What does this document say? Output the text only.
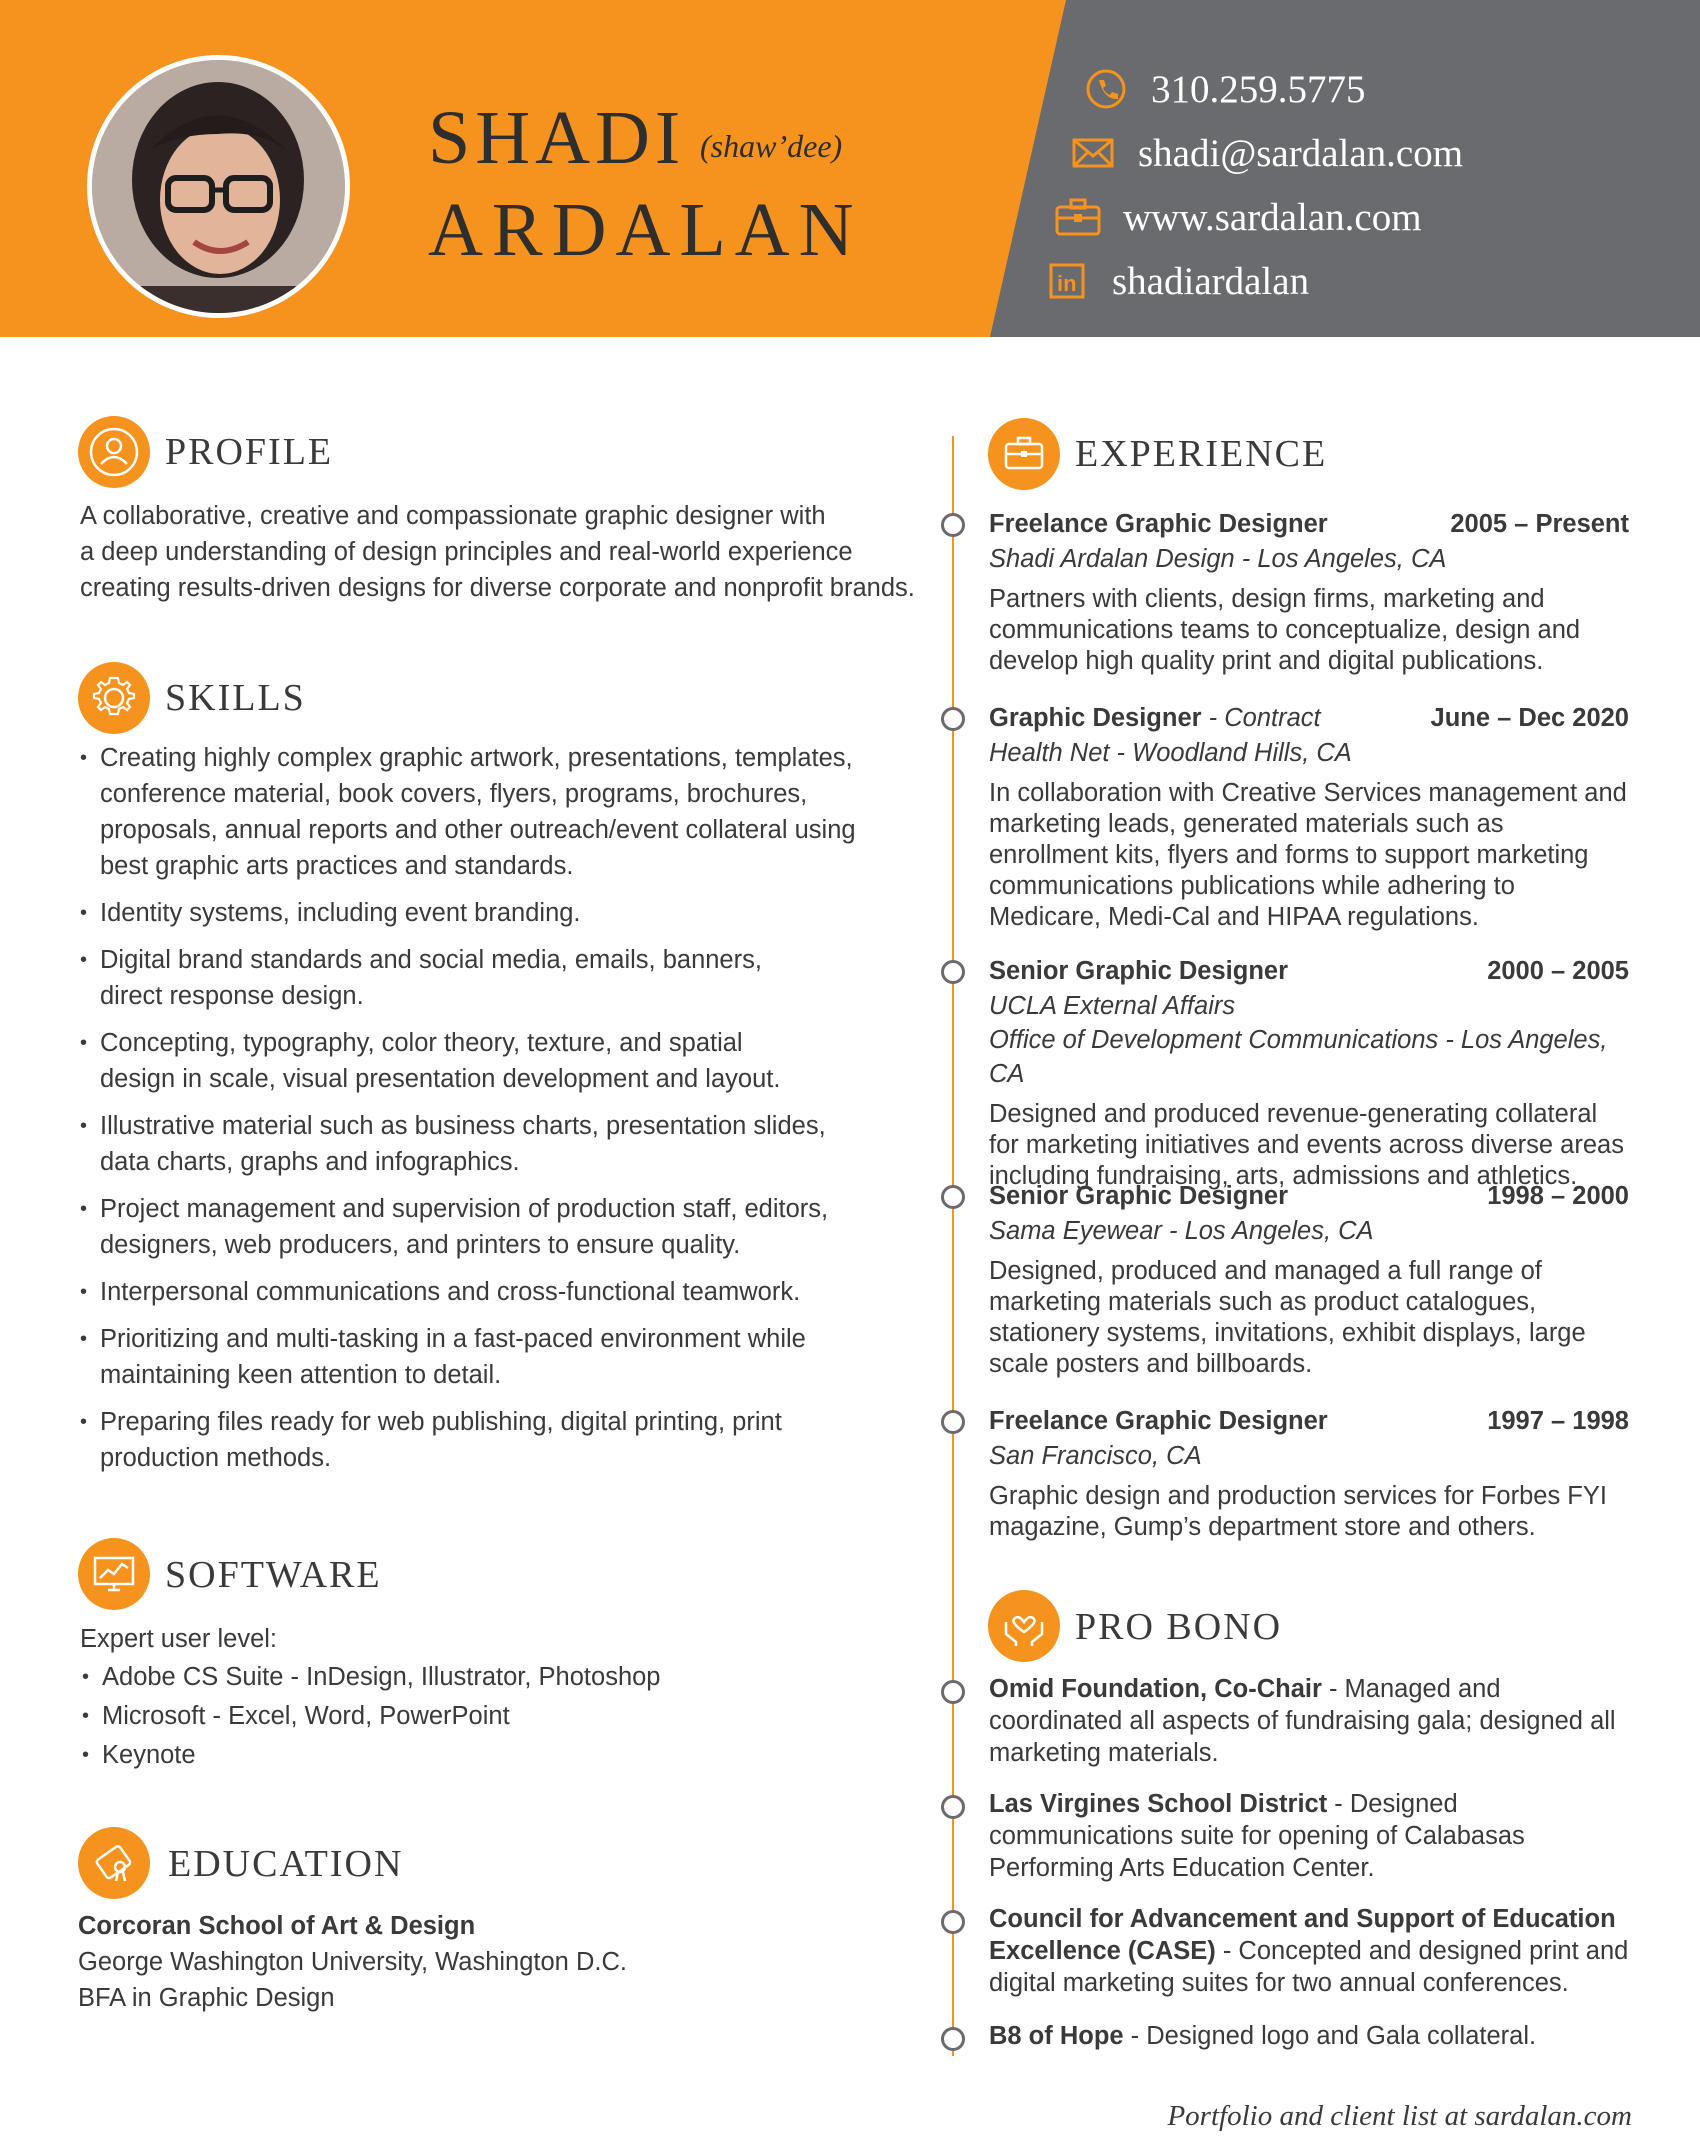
SHADI (shaw’dee)
ARDALAN
310.259.5775
shadi@sardalan.com
www.sardalan.com
in shadiardalan
PROFILE
A collaborative, creative and compassionate graphic designer with
a deep understanding of design principles and real-world experience
creating results-driven designs for diverse corporate and nonprofit brands.
SKILLS
• Creating highly complex graphic artwork, presentations, templates, conference material, book covers, flyers, programs, brochures, proposals, annual reports and other outreach/event collateral using best graphic arts practices and standards.
• Identity systems, including event branding.
• Digital brand standards and social media, emails, banners, direct response design.
• Concepting, typography, color theory, texture, and spatial design in scale, visual presentation development and layout.
• Illustrative material such as business charts, presentation slides, data charts, graphs and infographics.
• Project management and supervision of production staff, editors, designers, web producers, and printers to ensure quality.
• Interpersonal communications and cross-functional teamwork.
• Prioritizing and multi-tasking in a fast-paced environment while maintaining keen attention to detail.
• Preparing files ready for web publishing, digital printing, print production methods.
SOFTWARE
Expert user level:
• Adobe CS Suite - InDesign, Illustrator, Photoshop
• Microsoft - Excel, Word, PowerPoint
• Keynote
EDUCATION
Corcoran School of Art & Design
George Washington University, Washington D.C.
BFA in Graphic Design
EXPERIENCE
Freelance Graphic Designer	2005 – Present
Shadi Ardalan Design - Los Angeles, CA
Partners with clients, design firms, marketing and communications teams to conceptualize, design and develop high quality print and digital publications.
Graphic Designer - Contract	June – Dec 2020
Health Net - Woodland Hills, CA
In collaboration with Creative Services management and marketing leads, generated materials such as enrollment kits, flyers and forms to support marketing communications publications while adhering to Medicare, Medi-Cal and HIPAA regulations.
Senior Graphic Designer	2000 – 2005
UCLA External Affairs
Office of Development Communications - Los Angeles, CA
Designed and produced revenue-generating collateral for marketing initiatives and events across diverse areas including fundraising, arts, admissions and athletics.
Senior Graphic Designer	1998 – 2000
Sama Eyewear - Los Angeles, CA
Designed, produced and managed a full range of marketing materials such as product catalogues, stationery systems, invitations, exhibit displays, large scale posters and billboards.
Freelance Graphic Designer	1997 – 1998
San Francisco, CA
Graphic design and production services for Forbes FYI magazine, Gump’s department store and others.
PRO BONO
Omid Foundation, Co-Chair - Managed and coordinated all aspects of fundraising gala; designed all marketing materials.
Las Virgines School District - Designed communications suite for opening of Calabasas Performing Arts Education Center.
Council for Advancement and Support of Education Excellence (CASE) - Concepted and designed print and digital marketing suites for two annual conferences.
B8 of Hope - Designed logo and Gala collateral.
Portfolio and client list at sardalan.com
